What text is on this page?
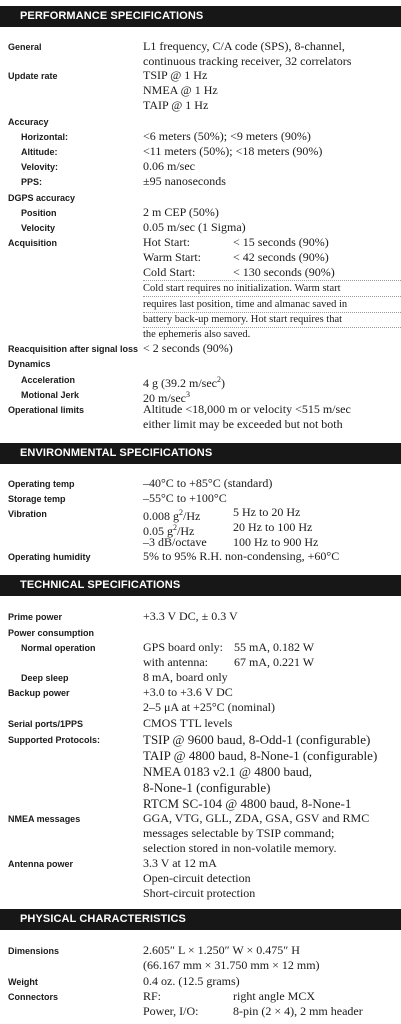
PERFORMANCE SPECIFICATIONS
General	L1 frequency, C/A code (SPS), 8-channel,
continuous tracking receiver, 32 correlators
Update rate	TSIP @ 1 Hz
NMEA @ 1 Hz
TAIP @ 1 Hz
Accuracy
Horizontal:	<6 meters (50%); <9 meters (90%)
Altitude:	<11 meters (50%); <18 meters (90%)
Velovity:	0.06 m/sec
PPS:	±95 nanoseconds
DGPS accuracy
Position	2 m CEP (50%)
Velocity	0.05 m/sec (1 Sigma)
Acquisition	Hot Start:	< 15 seconds (90%)
Warm Start:	< 42 seconds (90%)
Cold Start:	< 130 seconds (90%)
Cold start requires no initialization. Warm start
requires last position, time and almanac saved in
battery back-up memory. Hot start requires that
the ephemeris also saved.
Reacquisition after signal loss < 2 seconds (90%)
Dynamics
Acceleration	4 g (39.2 $m/\sec^2$)
Motional Jerk	20 $m/\sec^3$
Operational limits	Altitude <18,000 m or velocity <515 m/sec
either limit may be exceeded but not both
ENVIRONMENTAL SPECIFICATIONS
Operating temp	–40°C to +85°C (standard)
Storage temp	–55°C to +100°C
Vibration	0.008 $g^2/Hz$	5 Hz to 20 Hz
0.05 $g^2/Hz$	20 Hz to 100 Hz
–3 dB/octave 100 Hz to 900 Hz
Operating humidity	5% to 95% R.H. non-condensing, +60°C
TECHNICAL SPECIFICATIONS
Prime power	+3.3 V DC, ± 0.3 V
Power consumption
Normal operation	GPS board only: 55 mA, 0.182 W
with antenna: 67 mA, 0.221 W
Deep sleep	8 mA, board only
Backup power	+3.0 to +3.6 V DC
2–5 μA at +25°C (nominal)
Serial ports/1PPS	CMOS TTL levels
Supported Protocols:	TSIP @ 9600 baud, 8-Odd-1 (configurable)
TAIP @ 4800 baud, 8-None-1 (configurable)
NMEA 0183 v2.1 @ 4800 baud,
8-None-1 (configurable)
RTCM SC-104 @ 4800 baud, 8-None-1
NMEA messages	GGA, VTG, GLL, ZDA, GSA, GSV and RMC
messages selectable by TSIP command;
selection stored in non-volatile memory.
Antenna power	3.3 V at 12 mA
Open-circuit detection
Short-circuit protection
PHYSICAL CHARACTERISTICS
Dimensions	2.605″ L × 1.250″ W × 0.475″ H
(66.167 mm × 31.750 mm × 12 mm)
Weight	0.4 oz. (12.5 grams)
Connectors	RF:	right angle MCX
Power, I/O:	8-pin (2 × 4), 2 mm header
